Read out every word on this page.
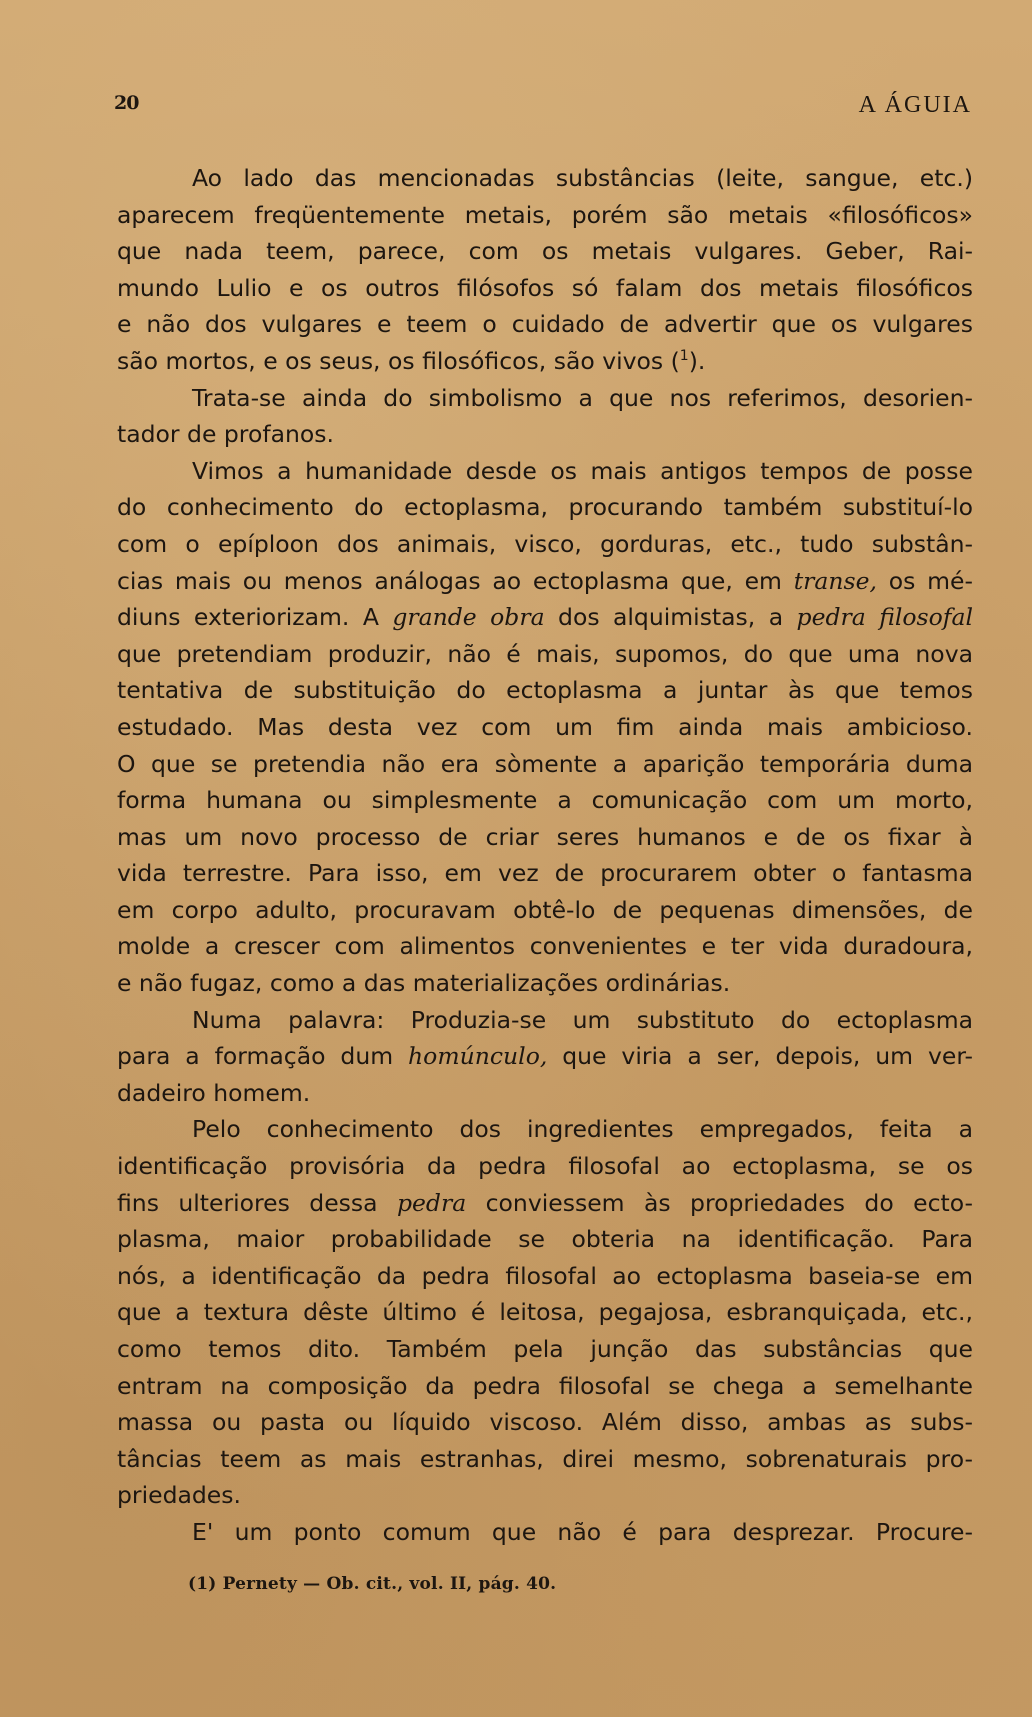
20	A ÁGUIA
Ao lado das mencionadas substâncias (leite, sangue, etc.)
aparecem freqüentemente metais, porém são metais «filosóficos»
que nada teem, parece, com os metais vulgares. Geber, Rai-
mundo Lulio e os outros filósofos só falam dos metais filosóficos
e não dos vulgares e teem o cuidado de advertir que os vulgares
são mortos, e os seus, os filosóficos, são vivos ($^1$).
Trata-se ainda do simbolismo a que nos referimos, desorien-
tador de profanos.
Vimos a humanidade desde os mais antigos tempos de posse
do conhecimento do ectoplasma, procurando também substituí-lo
com o epíploon dos animais, visco, gorduras, etc., tudo substân-
cias mais ou menos análogas ao ectoplasma que, em transe, os mé-
diuns exteriorizam. A grande obra dos alquimistas, a pedra filosofal
que pretendiam produzir, não é mais, supomos, do que uma nova
tentativa de substituição do ectoplasma a juntar às que temos
estudado. Mas desta vez com um fim ainda mais ambicioso.
O que se pretendia não era sòmente a aparição temporária duma
forma humana ou simplesmente a comunicação com um morto,
mas um novo processo de criar seres humanos e de os fixar à
vida terrestre. Para isso, em vez de procurarem obter o fantasma
em corpo adulto, procuravam obtê-lo de pequenas dimensões, de
molde a crescer com alimentos convenientes e ter vida duradoura,
e não fugaz, como a das materializações ordinárias.
Numa palavra: Produzia-se um substituto do ectoplasma
para a formação dum homúnculo, que viria a ser, depois, um ver-
dadeiro homem.
Pelo conhecimento dos ingredientes empregados, feita a
identificação provisória da pedra filosofal ao ectoplasma, se os
fins ulteriores dessa pedra conviessem às propriedades do ecto-
plasma, maior probabilidade se obteria na identificação. Para
nós, a identificação da pedra filosofal ao ectoplasma baseia-se em
que a textura dêste último é leitosa, pegajosa, esbranquiçada, etc.,
como temos dito. Também pela junção das substâncias que
entram na composição da pedra filosofal se chega a semelhante
massa ou pasta ou líquido viscoso. Além disso, ambas as subs-
tâncias teem as mais estranhas, direi mesmo, sobrenaturais pro-
priedades.
E' um ponto comum que não é para desprezar. Procure-
(1) Pernety — Ob. cit., vol. II, pág. 40.
